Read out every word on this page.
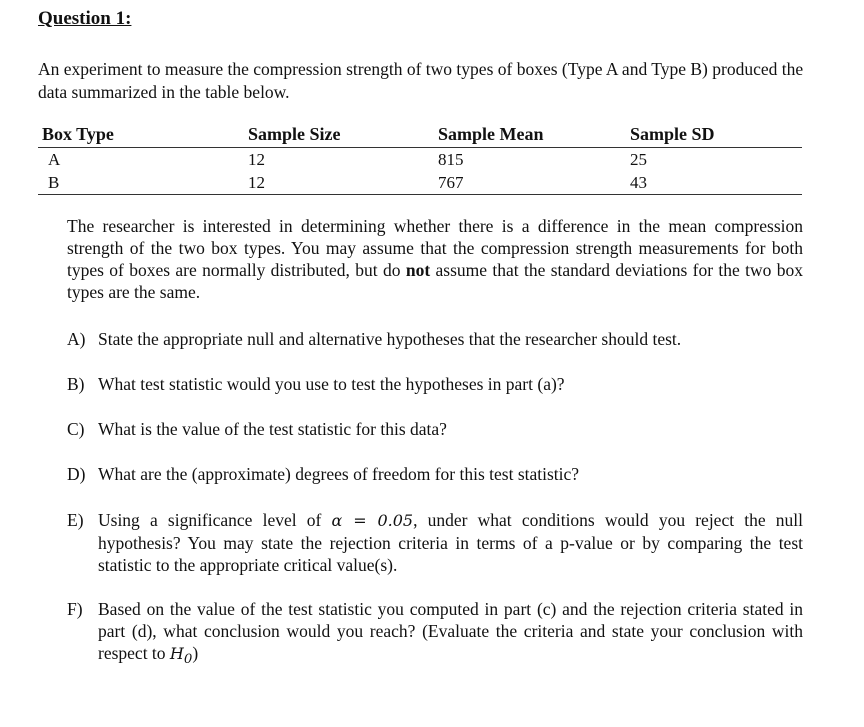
Question 1:
An experiment to measure the compression strength of two types of boxes (Type A and Type B) produced the data summarized in the table below.
Box Type	Sample Size	Sample Mean	Sample SD
A	12	815	25
B	12	767	43
The researcher is interested in determining whether there is a difference in the mean compression strength of the two box types. You may assume that the compression strength measurements for both types of boxes are normally distributed, but do not assume that the standard deviations for the two box types are the same.
A) State the appropriate null and alternative hypotheses that the researcher should test.
B) What test statistic would you use to test the hypotheses in part (a)?
C) What is the value of the test statistic for this data?
D) What are the (approximate) degrees of freedom for this test statistic?
E) Using a significance level of α = 0.05, under what conditions would you reject the null hypothesis? You may state the rejection criteria in terms of a p-value or by comparing the test statistic to the appropriate critical value(s).
F) Based on the value of the test statistic you computed in part (c) and the rejection criteria stated in part (d), what conclusion would you reach? (Evaluate the criteria and state your conclusion with respect to $H_0$)
